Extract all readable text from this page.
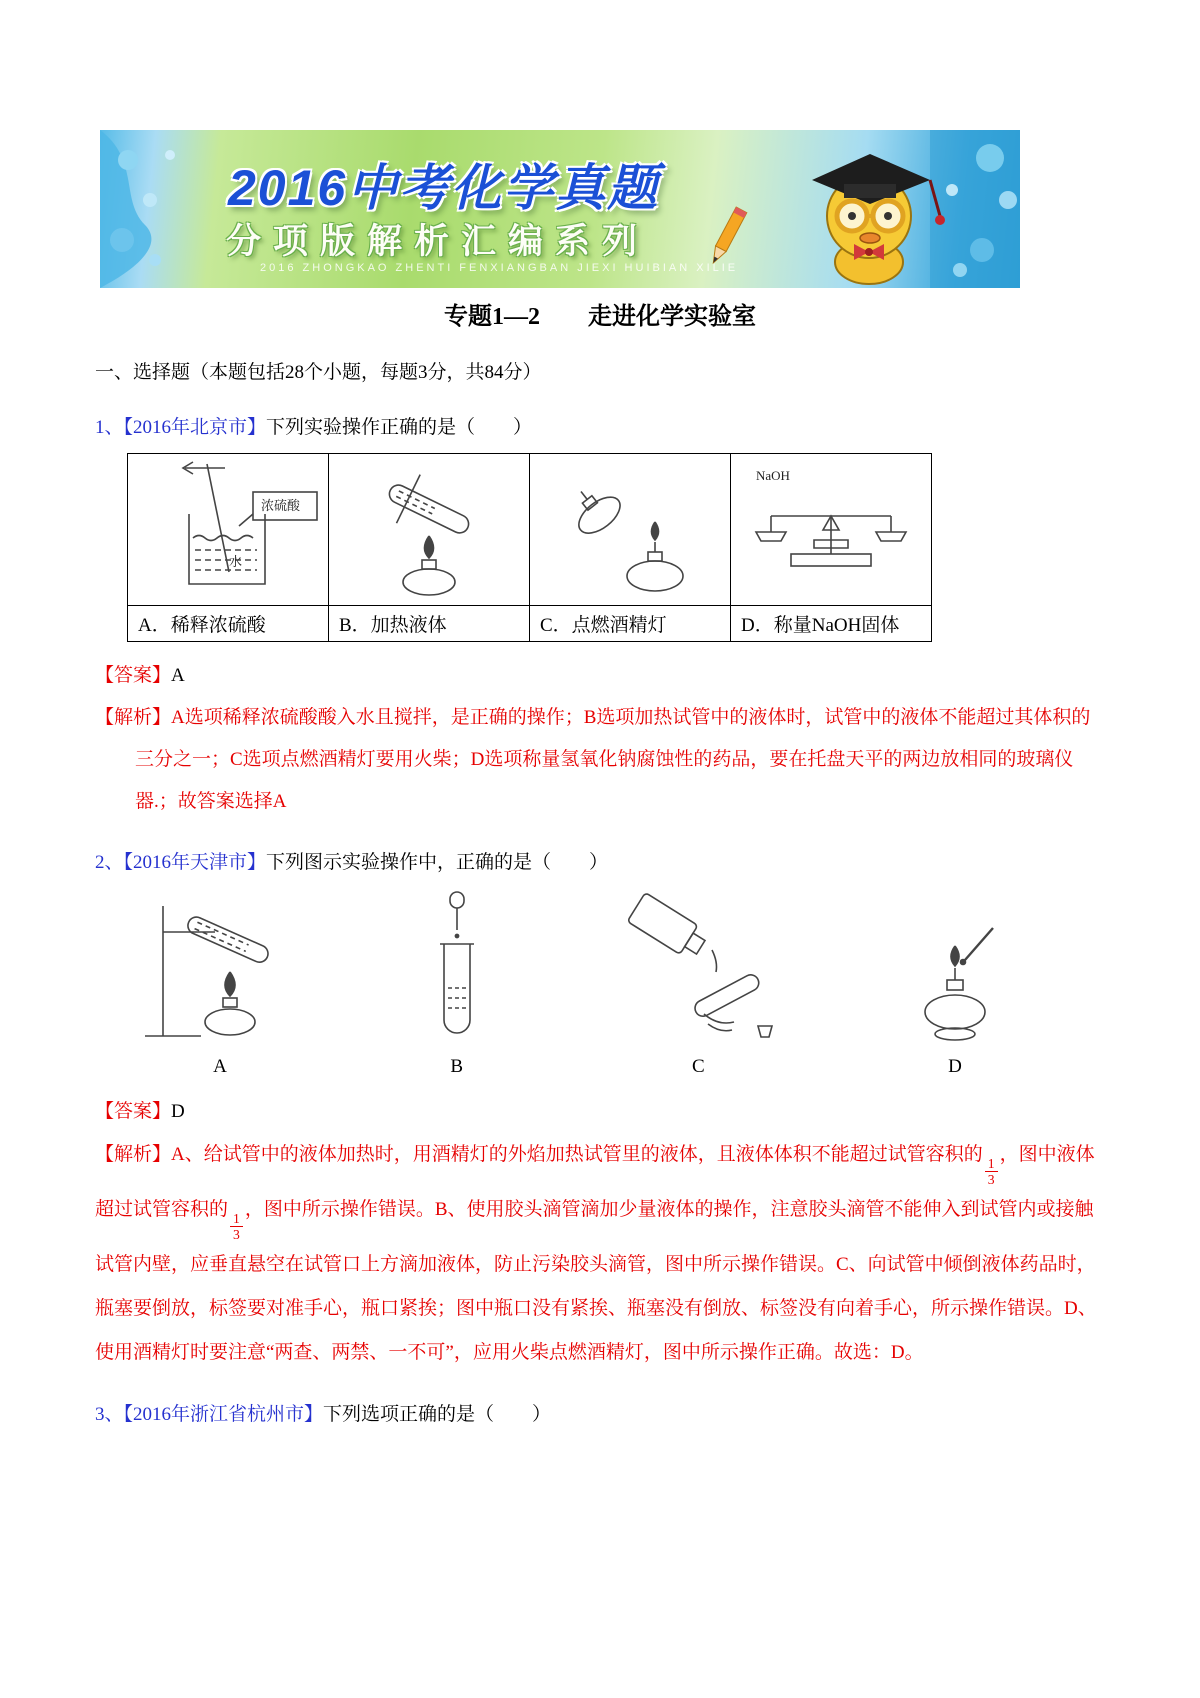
2016中考化学真题
分项版解析汇编系列
2016 ZHONGKAO ZHENTI FENXIANGBAN JIEXI HUIBIAN XILIE
专题1—2　　走进化学实验室
一、选择题（本题包括28个小题，每题3分，共84分）
1、【2016年北京市】下列实验操作正确的是（　　）
浓硫酸
水			NaOH

A．稀释浓硫酸	B．加热液体	C．点燃酒精灯	D．称量NaOH固体
【答案】A
【解析】A选项稀释浓硫酸酸入水且搅拌，是正确的操作；B选项加热试管中的液体时，试管中的液体不能超过其体积的三分之一；C选项点燃酒精灯要用火柴；D选项称量氢氧化钠腐蚀性的药品，要在托盘天平的两边放相同的玻璃仪器.；故答案选择A
2、【2016年天津市】下列图示实验操作中，正确的是（　　）
A	B	C	D
【答案】D
【解析】A、给试管中的液体加热时，用酒精灯的外焰加热试管里的液体，且液体体积不能超过试管容积的
$\frac{1}{3}$
，图中液体超过试管容积的
$\frac{1}{3}$
，图中所示操作错误。B、使用胶头滴管滴加少量液体的操作，注意胶头滴管不能伸入到试管内或接触试管内壁，应垂直悬空在试管口上方滴加液体，防止污染胶头滴管，图中所示操作错误。C、向试管中倾倒液体药品时，瓶塞要倒放，标签要对准手心，瓶口紧挨；图中瓶口没有紧挨、瓶塞没有倒放、标签没有向着手心，所示操作错误。D、使用酒精灯时要注意“两查、两禁、一不可”，应用火柴点燃酒精灯，图中所示操作正确。故选：D。
3、【2016年浙江省杭州市】下列选项正确的是（　　）
